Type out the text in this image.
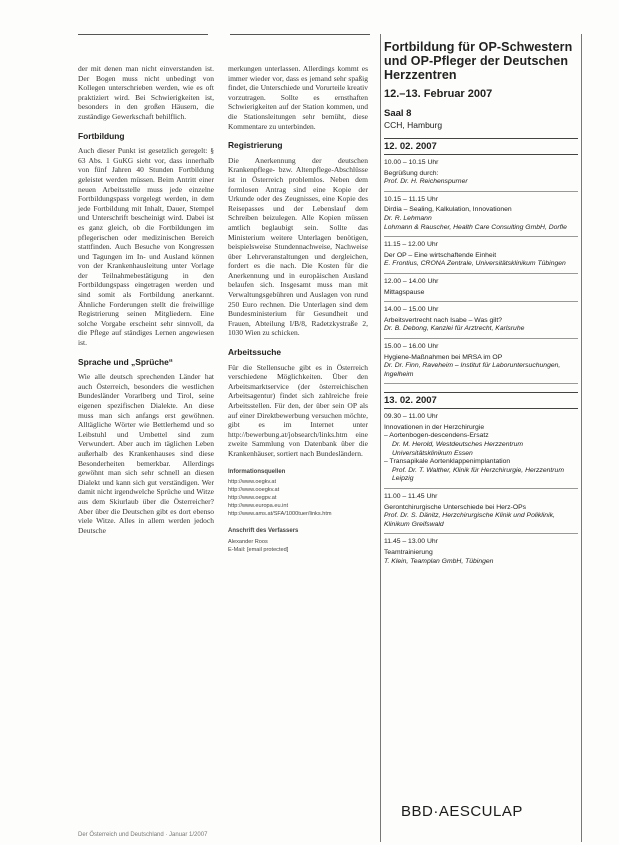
der mit denen man nicht einverstanden ist. Der Bogen muss nicht unbedingt von Kollegen unterschrieben werden, wie es oft praktiziert wird. Bei Schwierigkeiten ist, besonders in den großen Häusern, die zuständige Gewerkschaft behilflich.

Fortbildung

Auch dieser Punkt ist gesetzlich geregelt: § 63 Abs. 1 GuKG sieht vor, dass innerhalb von fünf Jahren 40 Stunden Fortbildung geleistet werden müssen. Beim Antritt einer neuen Arbeitsstelle muss jede einzelne Fortbildungspass vorgelegt werden, in dem jede Fortbildung mit Inhalt, Dauer, Stempel und Unterschrift bescheinigt wird. Dabei ist es ganz gleich, ob die Fortbildungen im pflegerischen oder medizinischen Bereich stattfinden. Auch Besuche von Kongressen und Tagungen im In- und Ausland können von der Krankenhausleitung unter Vorlage der Teilnahmebestätigung in den Fortbildungspass eingetragen werden und sind somit als Fortbildung anerkannt. Ähnliche Forderungen stellt die freiwillige Registrierung seinen Mitgliedern. Eine solche Vorgabe erscheint sehr sinnvoll, da die Pflege auf ständiges Lernen angewiesen ist.

Sprache und „Sprüche“

Wie alle deutsch sprechenden Länder hat auch Österreich, besonders die westlichen Bundesländer Vorarlberg und Tirol, seine eigenen spezifischen Dialekte. An diese muss man sich anfangs erst gewöhnen. Alltägliche Wörter wie Bettlerhemd und so Leibstuhl und Urnbettel sind zum Verwundert. Aber auch im täglichen Leben außerhalb des Krankenhauses sind diese Besonderheiten bemerkbar. Allerdings gewöhnt man sich sehr schnell an diesen Dialekt und kann sich gut verständigen. Wer damit nicht irgendwelche Sprüche und Witze aus dem Skiurlaub über die Österreicher? Aber über die Deutschen gibt es dort ebenso viele Witze. Alles in allem werden jedoch Deutsche

merkungen unterlassen. Allerdings kommt es immer wieder vor, dass es jemand sehr spaßig findet, die Unterschiede und Vorurteile kreativ vorzutragen. Sollte es ernsthaften Schwierigkeiten auf der Station kommen, und die Stationsleitungen sehr bemüht, diese Kommentare zu unterbinden.

Registrierung

Die Anerkennung der deutschen Krankenpflege- bzw. Altenpflege-Abschlüsse ist in Österreich problemlos. Neben dem formlosen Antrag sind eine Kopie der Urkunde oder des Zeugnisses, eine Kopie des Reisepasses und der Lebenslauf dem Schreiben beizulegen. Alle Kopien müssen amtlich beglaubigt sein. Sollte das Ministerium weitere Unterlagen benötigen, beispielsweise Stundennachweise, Nachweise über Lehrveranstaltungen und dergleichen, fordert es die nach. Die Kosten für die Anerkennung und in europäischen Ausland belaufen sich. Insgesamt muss man mit Verwaltungsgebühren und Auslagen von rund 250 Euro rechnen. Die Unterlagen sind dem Bundesministerium für Gesundheit und Frauen, Abteilung I/B/8, Radetzkystraße 2, 1030 Wien zu schicken.

Arbeitssuche

Für die Stellensuche gibt es in Österreich verschiedene Möglichkeiten. Über den Arbeitsmarktservice (der österreichischen Arbeitsagentur) findet sich zahlreiche freie Arbeitsstellen. Für den, der über sein OP als auf einer Direktbewerbung versuchen möchte, gibt es im Internet unter http://bewerbung.at/jobsearch/links.htm eine zweite Sammlung von Datenbank über die Krankenhäuser, sortiert nach Bundesländern.

Informationsquellen
http://www.oegkv.at
http://www.ooegkv.at
http://www.oegpv.at
http://www.europa.eu.int
http://www.ams.at/SFA/1000tuer/links.htm
Anschrift des Verfassers
Alexander Roos
E-Mail: [email protected]
Der Österreich und Deutschland · Januar 1/2007
Fortbildung für OP-Schwestern und OP-Pfleger der Deutschen Herzzentren
12.–13. Februar 2007
Saal 8
CCH, Hamburg
12. 02. 2007
10.00 – 10.15 Uhr
Begrüßung durch:
Prof. Dr. H. Reichenspurner
10.15 – 11.15 Uhr
Dirdia – Sealing, Kalkulation, Innovationen
Dr. R. Lehmann
Lohmann & Rauscher, Health Care Consulting GmbH, Dorfle
11.15 – 12.00 Uhr
Der OP – Eine wirtschaftende Einheit
E. Frontius, CRONA Zentrale, Universitätsklinikum Tübingen
12.00 – 14.00 Uhr
Mittagspause
14.00 – 15.00 Uhr
Arbeitsvertrecht nach Isabe – Was gilt?
Dr. B. Debong, Kanzlei für Arztrecht, Karlsruhe
15.00 – 16.00 Uhr
Hygiene-Maßnahmen bei MRSA im OP
Dr. Dr. Finn, Raveheim – Institut für Laboruntersuchungen, Ingelheim
13. 02. 2007
09.30 – 11.00 Uhr
Innovationen in der Herzchirurgie
– Aortenbogen-descendens-Ersatz
Dr. M. Herold, Westdeutsches Herzzentrum
Universitätsklinikum Essen
– Transapikale Aortenklappenimplantation
Prof. Dr. T. Walther, Klinik für Herzchirurgie, Herzzentrum Leipzig
11.00 – 11.45 Uhr
Gerontchirurgische Unterschiede bei Herz-OPs
Prof. Dr. S. Dänitz, Herzchirurgische Klinik und Poliklinik, Klinikum Greifswald
11.45 – 13.00 Uhr
Teamtrainierung
T. Klein, Teamplan GmbH, Tübingen
BBD·AESCULAP
